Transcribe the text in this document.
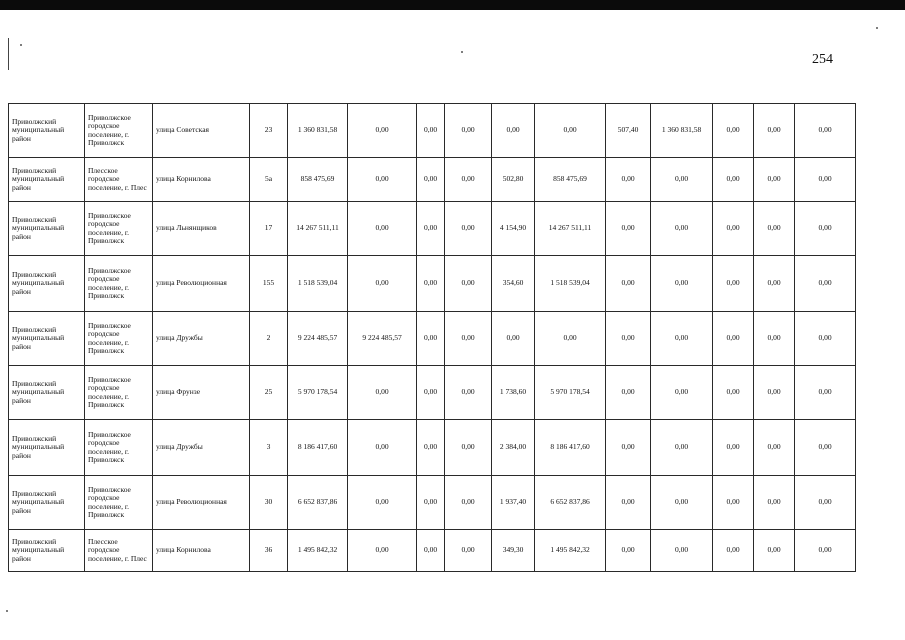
254
Приволжский муниципальный район	Приволжское городское поселение, г. Приволжск	улица Советская	23	1 360 831,58	0,00	0,00	0,00	0,00	0,00	507,40	1 360 831,58	0,00	0,00	0,00
Приволжский муниципальный район	Плесское городское поселение, г. Плес	улица Корнилова	5а	858 475,69	0,00	0,00	0,00	502,80	858 475,69	0,00	0,00	0,00	0,00	0,00
Приволжский муниципальный район	Приволжское городское поселение, г. Приволжск	улица Льнянщиков	17	14 267 511,11	0,00	0,00	0,00	4 154,90	14 267 511,11	0,00	0,00	0,00	0,00	0,00
Приволжский муниципальный район	Приволжское городское поселение, г. Приволжск	улица Революционная	155	1 518 539,04	0,00	0,00	0,00	354,60	1 518 539,04	0,00	0,00	0,00	0,00	0,00
Приволжский муниципальный район	Приволжское городское поселение, г. Приволжск	улица Дружбы	2	9 224 485,57	9 224 485,57	0,00	0,00	0,00	0,00	0,00	0,00	0,00	0,00	0,00
Приволжский муниципальный район	Приволжское городское поселение, г. Приволжск	улица Фрунзе	25	5 970 178,54	0,00	0,00	0,00	1 738,60	5 970 178,54	0,00	0,00	0,00	0,00	0,00
Приволжский муниципальный район	Приволжское городское поселение, г. Приволжск	улица Дружбы	3	8 186 417,60	0,00	0,00	0,00	2 384,00	8 186 417,60	0,00	0,00	0,00	0,00	0,00
Приволжский муниципальный район	Приволжское городское поселение, г. Приволжск	улица Революционная	30	6 652 837,86	0,00	0,00	0,00	1 937,40	6 652 837,86	0,00	0,00	0,00	0,00	0,00
Приволжский муниципальный район	Плесское городское поселение, г. Плес	улица Корнилова	36	1 495 842,32	0,00	0,00	0,00	349,30	1 495 842,32	0,00	0,00	0,00	0,00	0,00
